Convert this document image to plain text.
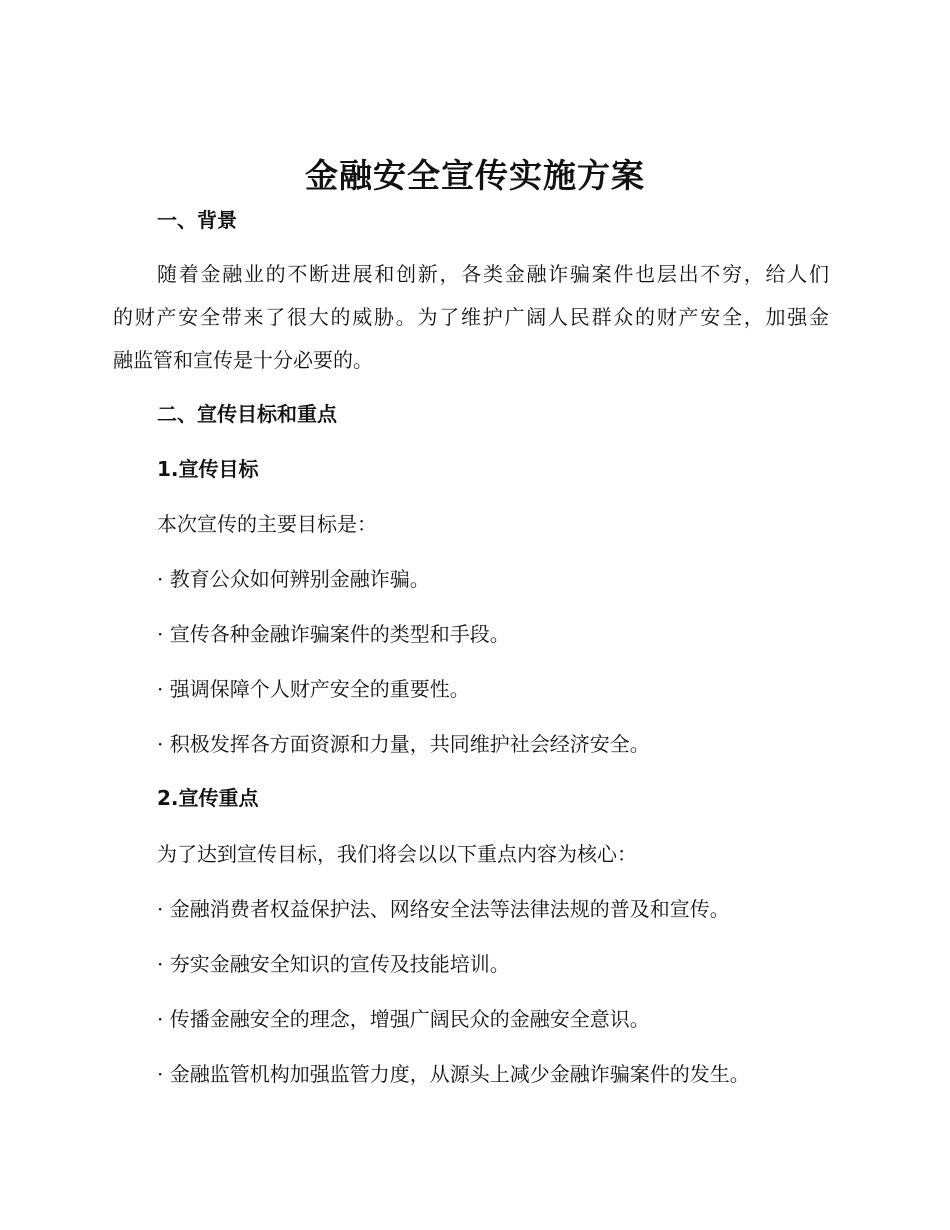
金融安全宣传实施方案
一、背景
随着金融业的不断进展和创新，各类金融诈骗案件也层出不穷，给人们
的财产安全带来了很大的威胁。为了维护广阔人民群众的财产安全，加强金
融监管和宣传是十分必要的。
二、宣传目标和重点
1.宣传目标
本次宣传的主要目标是：
· 教育公众如何辨别金融诈骗。
· 宣传各种金融诈骗案件的类型和手段。
· 强调保障个人财产安全的重要性。
· 积极发挥各方面资源和力量，共同维护社会经济安全。
2.宣传重点
为了达到宣传目标，我们将会以以下重点内容为核心：
· 金融消费者权益保护法、网络安全法等法律法规的普及和宣传。
· 夯实金融安全知识的宣传及技能培训。
· 传播金融安全的理念，增强广阔民众的金融安全意识。
· 金融监管机构加强监管力度，从源头上减少金融诈骗案件的发生。
